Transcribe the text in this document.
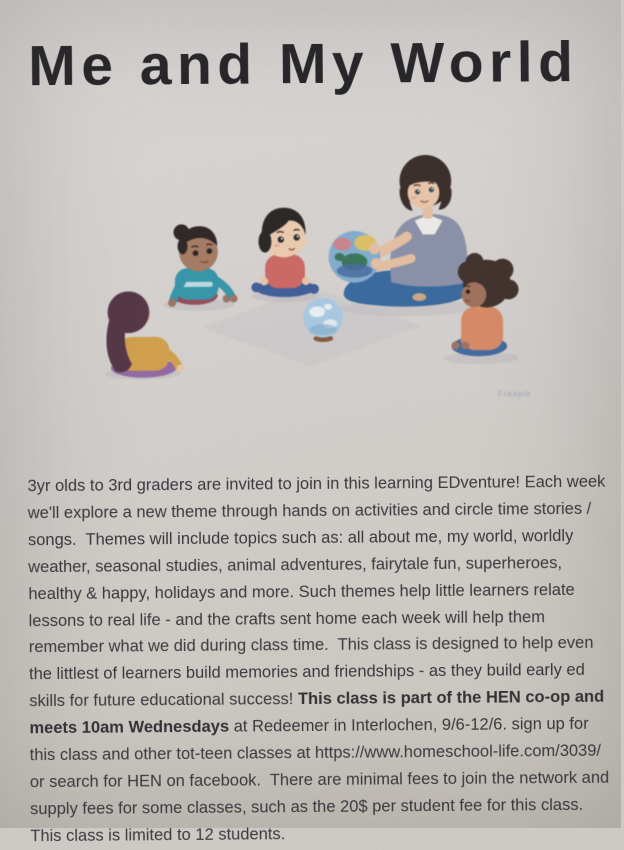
Me and My World
Freepik

3yr olds to 3rd graders are invited to join in this learning EDventure! Each week we'll explore a new theme through hands on activities and circle time stories / songs.  Themes will include topics such as: all about me, my world, worldly weather, seasonal studies, animal adventures, fairytale fun, superheroes, healthy & happy, holidays and more. Such themes help little learners relate lessons to real life - and the crafts sent home each week will help them remember what we did during class time.  This class is designed to help even the littlest of learners build memories and friendships - as they build early ed skills for future educational success! This class is part of the HEN co-op and meets 10am Wednesdays at Redeemer in Interlochen, 9/6-12/6. sign up for this class and other tot-teen classes at https://www.homeschool-life.com/3039/ or search for HEN on facebook.  There are minimal fees to join the network and supply fees for some classes, such as the 20$ per student fee for this class.  This class is limited to 12 students.
